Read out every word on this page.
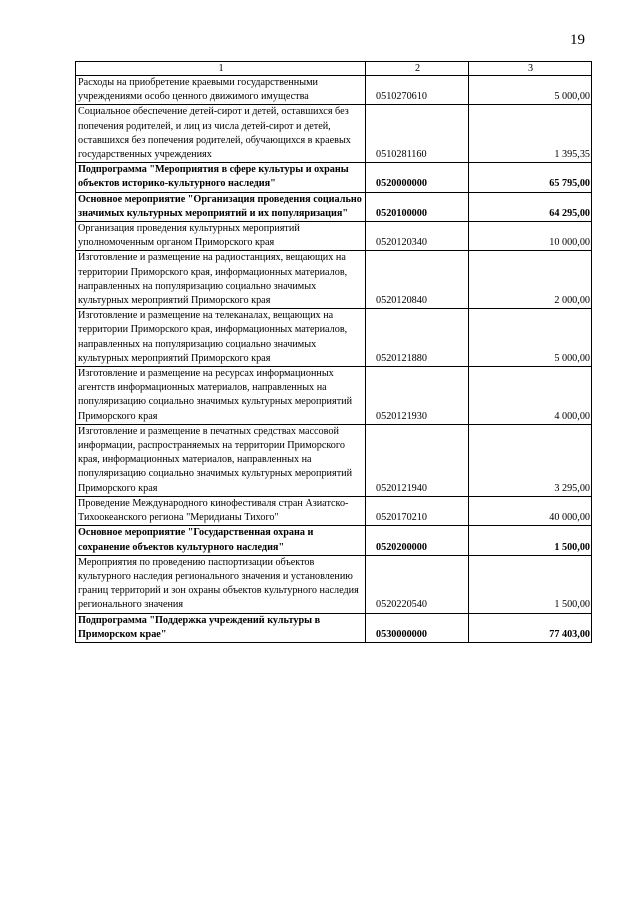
19
1	2	3
Расходы на приобретение краевыми государственными учреждениями особо ценного движимого имущества	0510270610	5 000,00
Социальное обеспечение детей-сирот и детей, оставшихся без попечения родителей, и лиц из числа детей-сирот и детей, оставшихся без попечения родителей, обучающихся в краевых государственных учреждениях	0510281160	1 395,35
Подпрограмма "Мероприятия в сфере культуры и охраны объектов историко-культурного наследия"	0520000000	65 795,00
Основное мероприятие "Организация проведения социально значимых культурных мероприятий и их популяризация"	0520100000	64 295,00
Организация проведения культурных мероприятий уполномоченным органом Приморского края	0520120340	10 000,00
Изготовление и размещение на радиостанциях, вещающих на территории Приморского края, информационных материалов, направленных на популяризацию социально значимых культурных мероприятий Приморского края	0520120840	2 000,00
Изготовление и размещение на телеканалах, вещающих на территории Приморского края, информационных материалов, направленных на популяризацию социально значимых культурных мероприятий Приморского края	0520121880	5 000,00
Изготовление и размещение на ресурсах информационных агентств информационных материалов, направленных на популяризацию социально значимых культурных мероприятий Приморского края	0520121930	4 000,00
Изготовление и размещение в печатных средствах массовой информации, распространяемых на территории Приморского края, информационных материалов, направленных на популяризацию социально значимых культурных мероприятий Приморского края	0520121940	3 295,00
Проведение Международного кинофестиваля стран Азиатско-Тихоокеанского региона "Меридианы Тихого"	0520170210	40 000,00
Основное мероприятие "Государственная охрана и сохранение объектов культурного наследия"	0520200000	1 500,00
Мероприятия по проведению паспортизации объектов культурного наследия регионального значения и установлению границ территорий и зон охраны объектов культурного наследия регионального значения	0520220540	1 500,00
Подпрограмма "Поддержка учреждений культуры в Приморском крае"	0530000000	77 403,00
